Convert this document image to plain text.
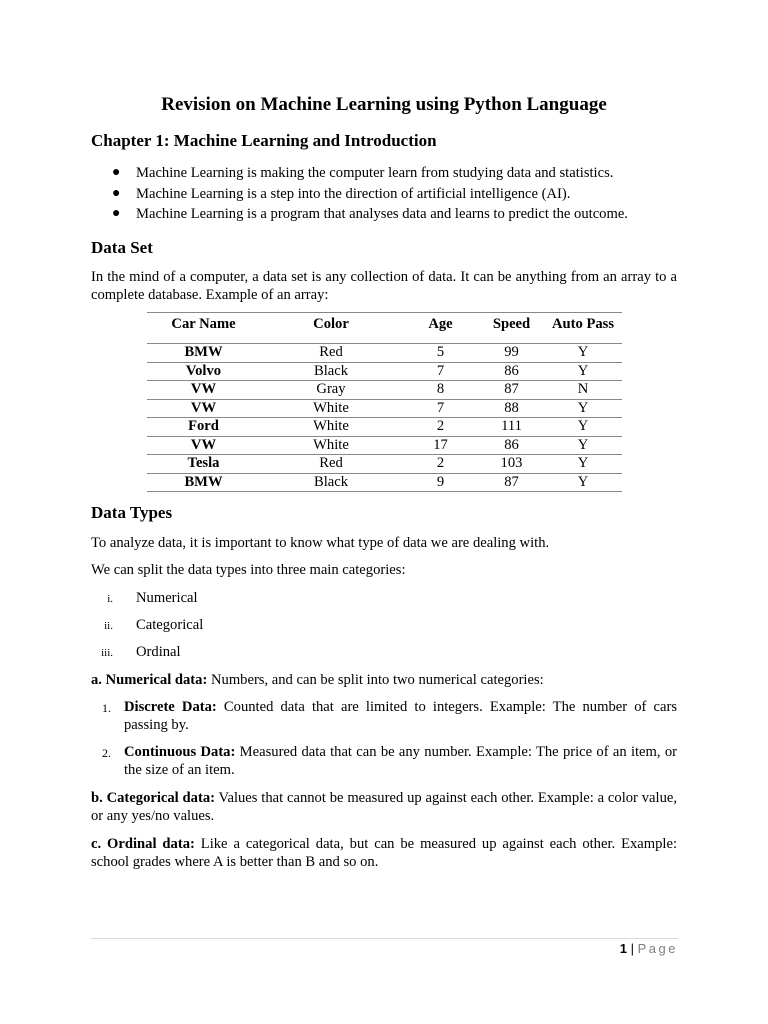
Revision on Machine Learning using Python Language
Chapter 1: Machine Learning and Introduction
● Machine Learning is making the computer learn from studying data and statistics.
● Machine Learning is a step into the direction of artificial intelligence (AI).
● Machine Learning is a program that analyses data and learns to predict the outcome.
Data Set
In the mind of a computer, a data set is any collection of data. It can be anything from an array to a complete database. Example of an array:
Car Name	Color	Age	Speed	Auto Pass
BMW	Red	5	99	Y
Volvo	Black	7	86	Y
VW	Gray	8	87	N
VW	White	7	88	Y
Ford	White	2	111	Y
VW	White	17	86	Y
Tesla	Red	2	103	Y
BMW	Black	9	87	Y
Data Types
To analyze data, it is important to know what type of data we are dealing with.
We can split the data types into three main categories:
i. Numerical
ii. Categorical
iii. Ordinal
a. Numerical data: Numbers, and can be split into two numerical categories:
1. Discrete Data: Counted data that are limited to integers. Example: The number of cars passing by.
2. Continuous Data: Measured data that can be any number. Example: The price of an item, or the size of an item.
b. Categorical data: Values that cannot be measured up against each other. Example: a color value, or any yes/no values.
c. Ordinal data: Like a categorical data, but can be measured up against each other. Example: school grades where A is better than B and so on.
1 | Page
